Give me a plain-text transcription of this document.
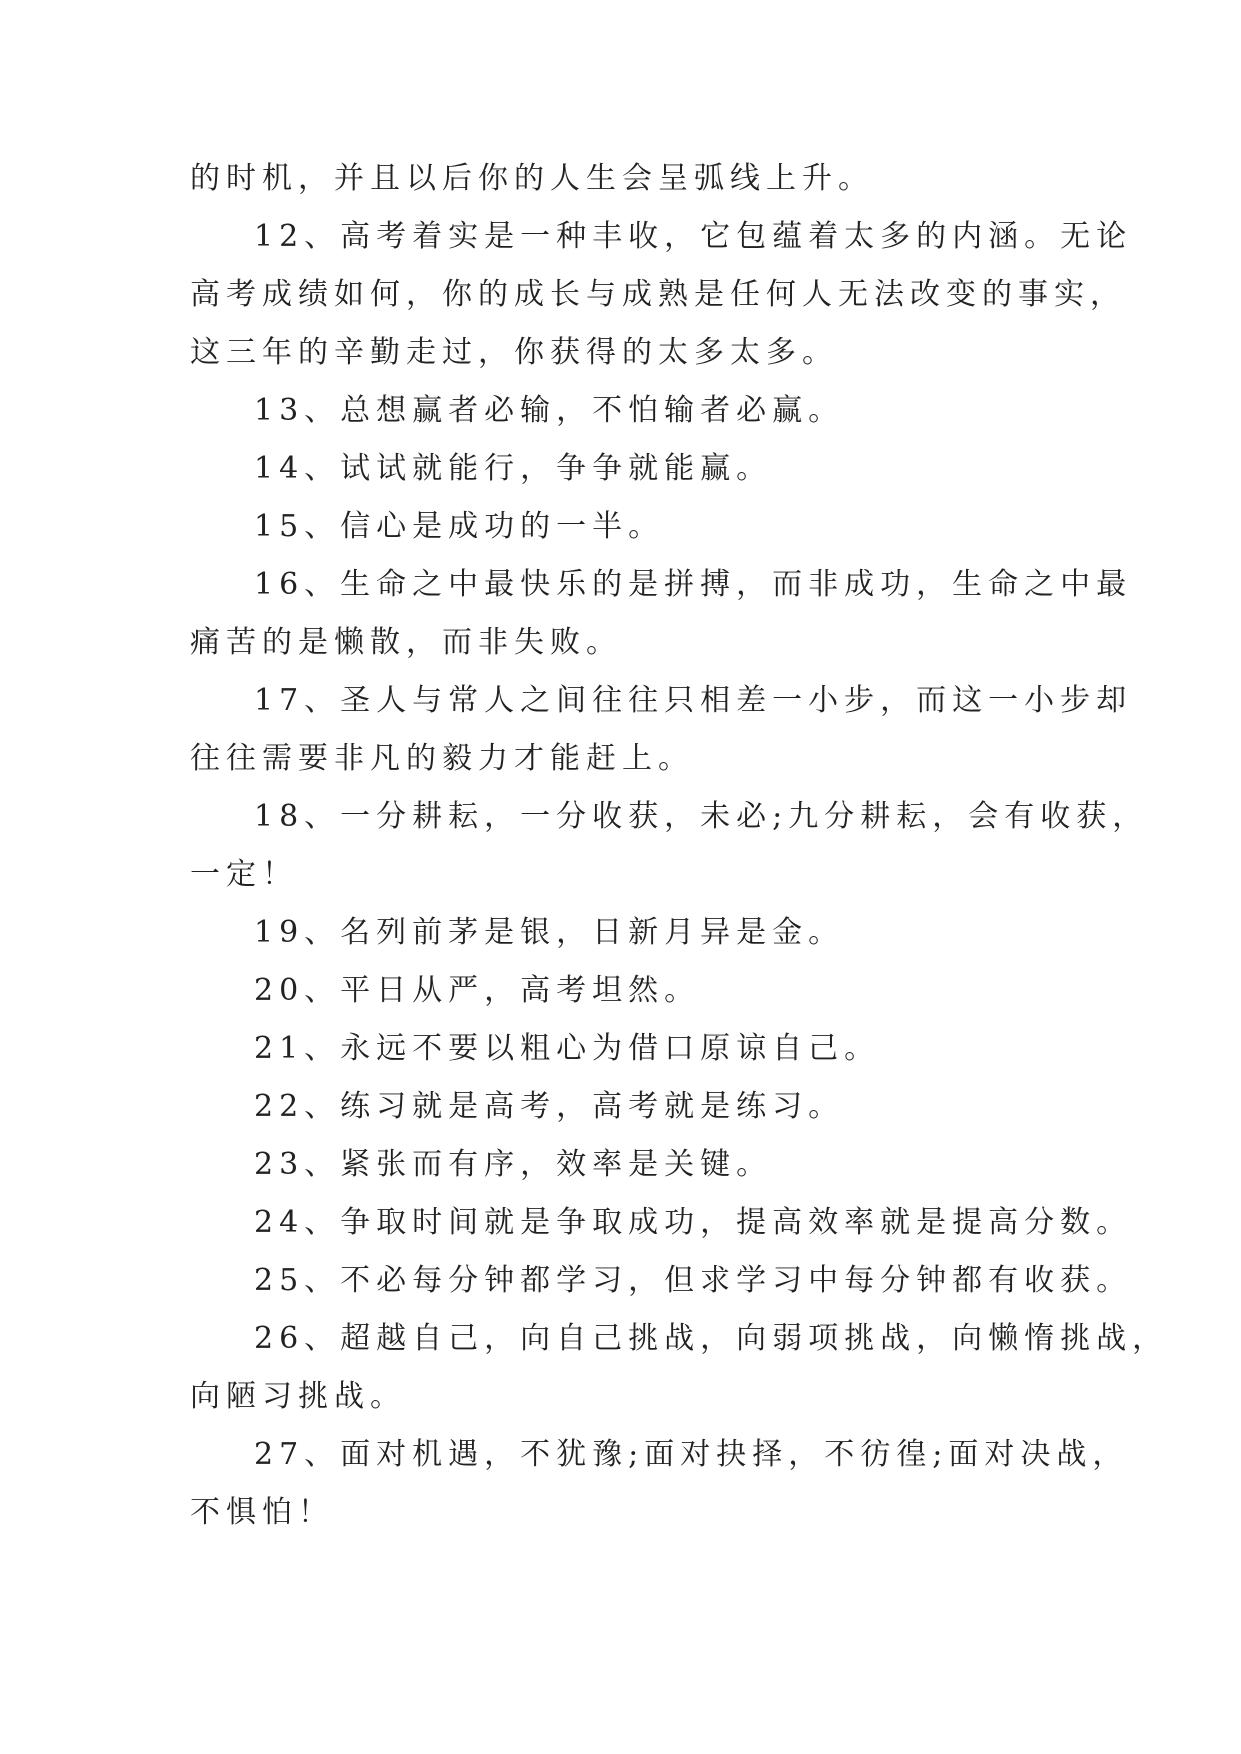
的时机，并且以后你的人生会呈弧线上升。
12、高考着实是一种丰收，它包蕴着太多的内涵。无论
高考成绩如何，你的成长与成熟是任何人无法改变的事实，
这三年的辛勤走过，你获得的太多太多。
13、总想赢者必输，不怕输者必赢。
14、试试就能行，争争就能赢。
15、信心是成功的一半。
16、生命之中最快乐的是拼搏，而非成功，生命之中最
痛苦的是懒散，而非失败。
17、圣人与常人之间往往只相差一小步，而这一小步却
往往需要非凡的毅力才能赶上。
18、一分耕耘，一分收获，未必;九分耕耘，会有收获，
一定！
19、名列前茅是银，日新月异是金。
20、平日从严，高考坦然。
21、永远不要以粗心为借口原谅自己。
22、练习就是高考，高考就是练习。
23、紧张而有序，效率是关键。
24、争取时间就是争取成功，提高效率就是提高分数。
25、不必每分钟都学习，但求学习中每分钟都有收获。
26、超越自己，向自己挑战，向弱项挑战，向懒惰挑战，
向陋习挑战。
27、面对机遇，不犹豫;面对抉择，不彷徨;面对决战，
不惧怕！
